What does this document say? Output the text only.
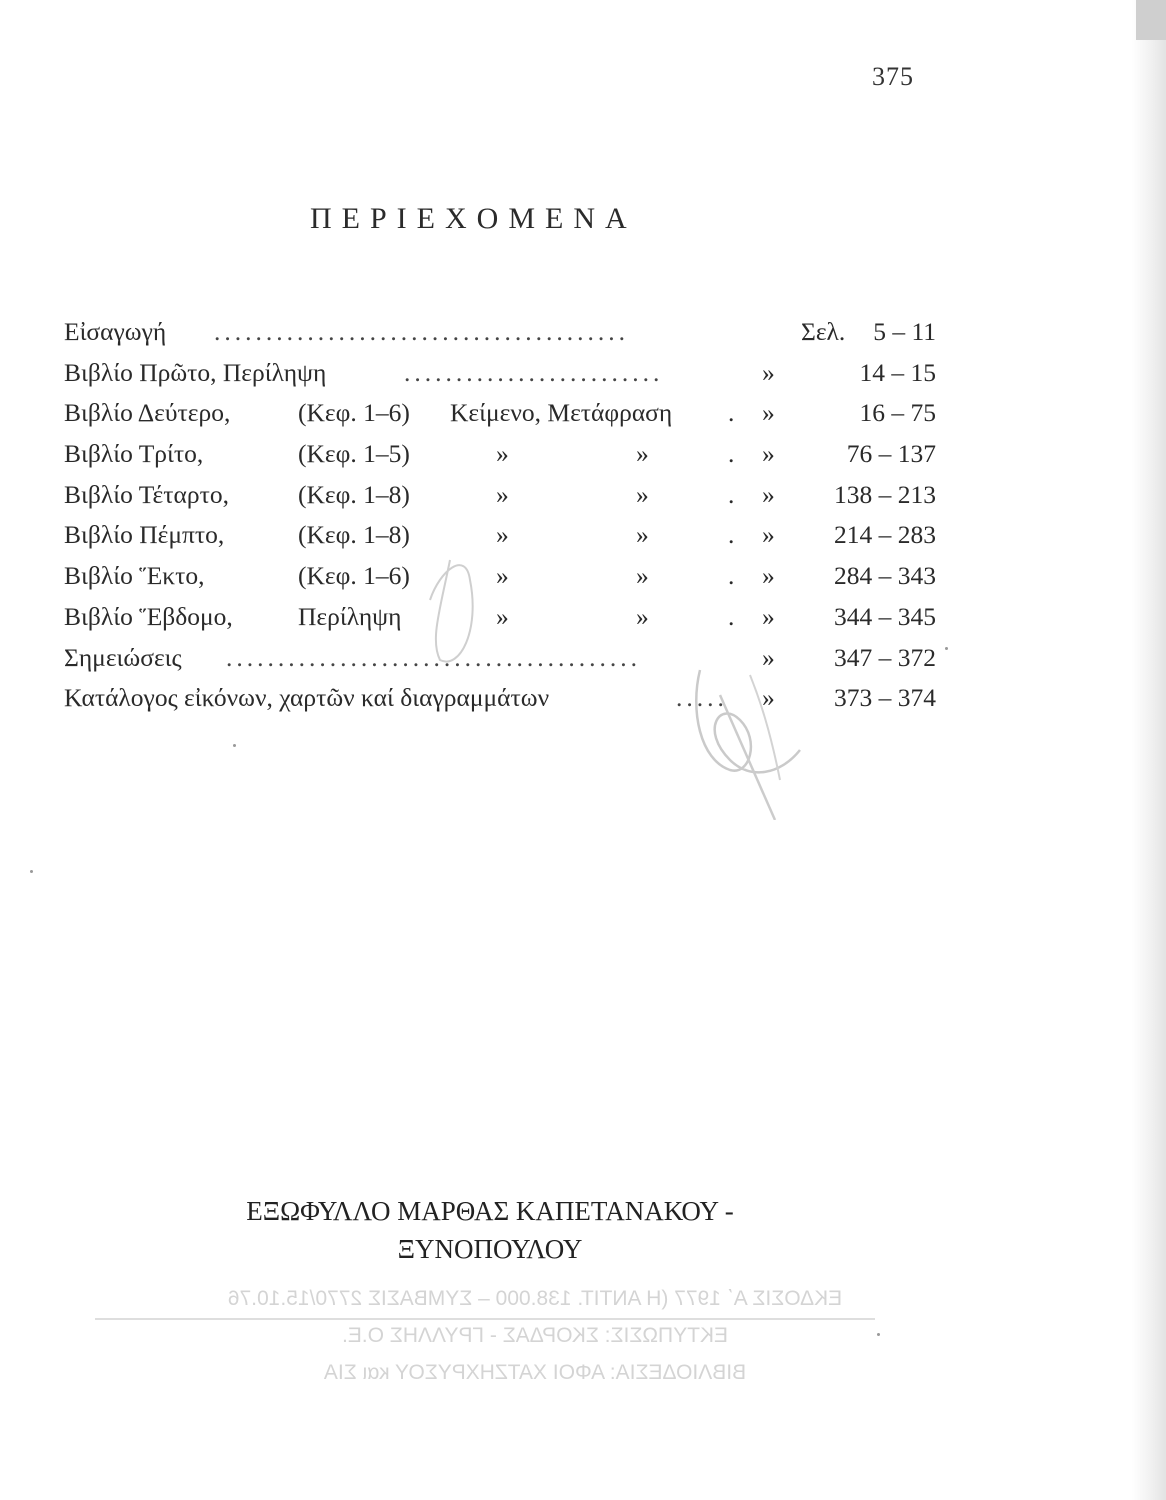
375
ΠΕΡΙΕΧΟΜΕΝΑ
Εἰσαγωγή ........................................	Σελ.	5 – 11
Βιβλίο Πρῶτο, Περίληψη	.........................	»	14 – 15
Βιβλίο Δεύτερο,	(Κεφ. 1–6) Κείμενο, Μετάφραση . »	16 – 75
Βιβλίο Τρίτο,	(Κεφ. 1–5)	»	»	. »	76 – 137
Βιβλίο Τέταρτο,	(Κεφ. 1–8)	»	»	. »	138 – 213
Βιβλίο Πέμπτο,	(Κεφ. 1–8)	»	»	. »	214 – 283
Βιβλίο Ἕκτο,	(Κεφ. 1–6)	»	»	. »	284 – 343
Βιβλίο Ἕβδομο,	Περίληψη	»	»	. »	344 – 345
Σημειώσεις ........................................	»	347 – 372
Κατάλογος εἰκόνων, χαρτῶν καί διαγραμμάτων	.....	»	373 – 374
ΕΚΔΟΣΙΣ Α΄ 1977 (Η ΑΝΤΙΤ. 138.000 – ΣΥΜΒΑΣΙΣ 2770/15.10.76
ΕΚΤΥΠΩΣΙΣ: ΣΚΟΡΔΑΣ - ΓΡΥΛΛΗΣ Ο.Ε.
ΒΙΒΛΙΟΔΕΣΙΑ: ΑΦΟΙ ΧΑΤΖΗΧΡΥΣΟΥ και ΣΙΑ
ΕΞΩΦΥΛΛΟ ΜΑΡΘΑΣ ΚΑΠΕΤΑΝΑΚΟΥ -
ΞΥΝΟΠΟΥΛΟΥ
